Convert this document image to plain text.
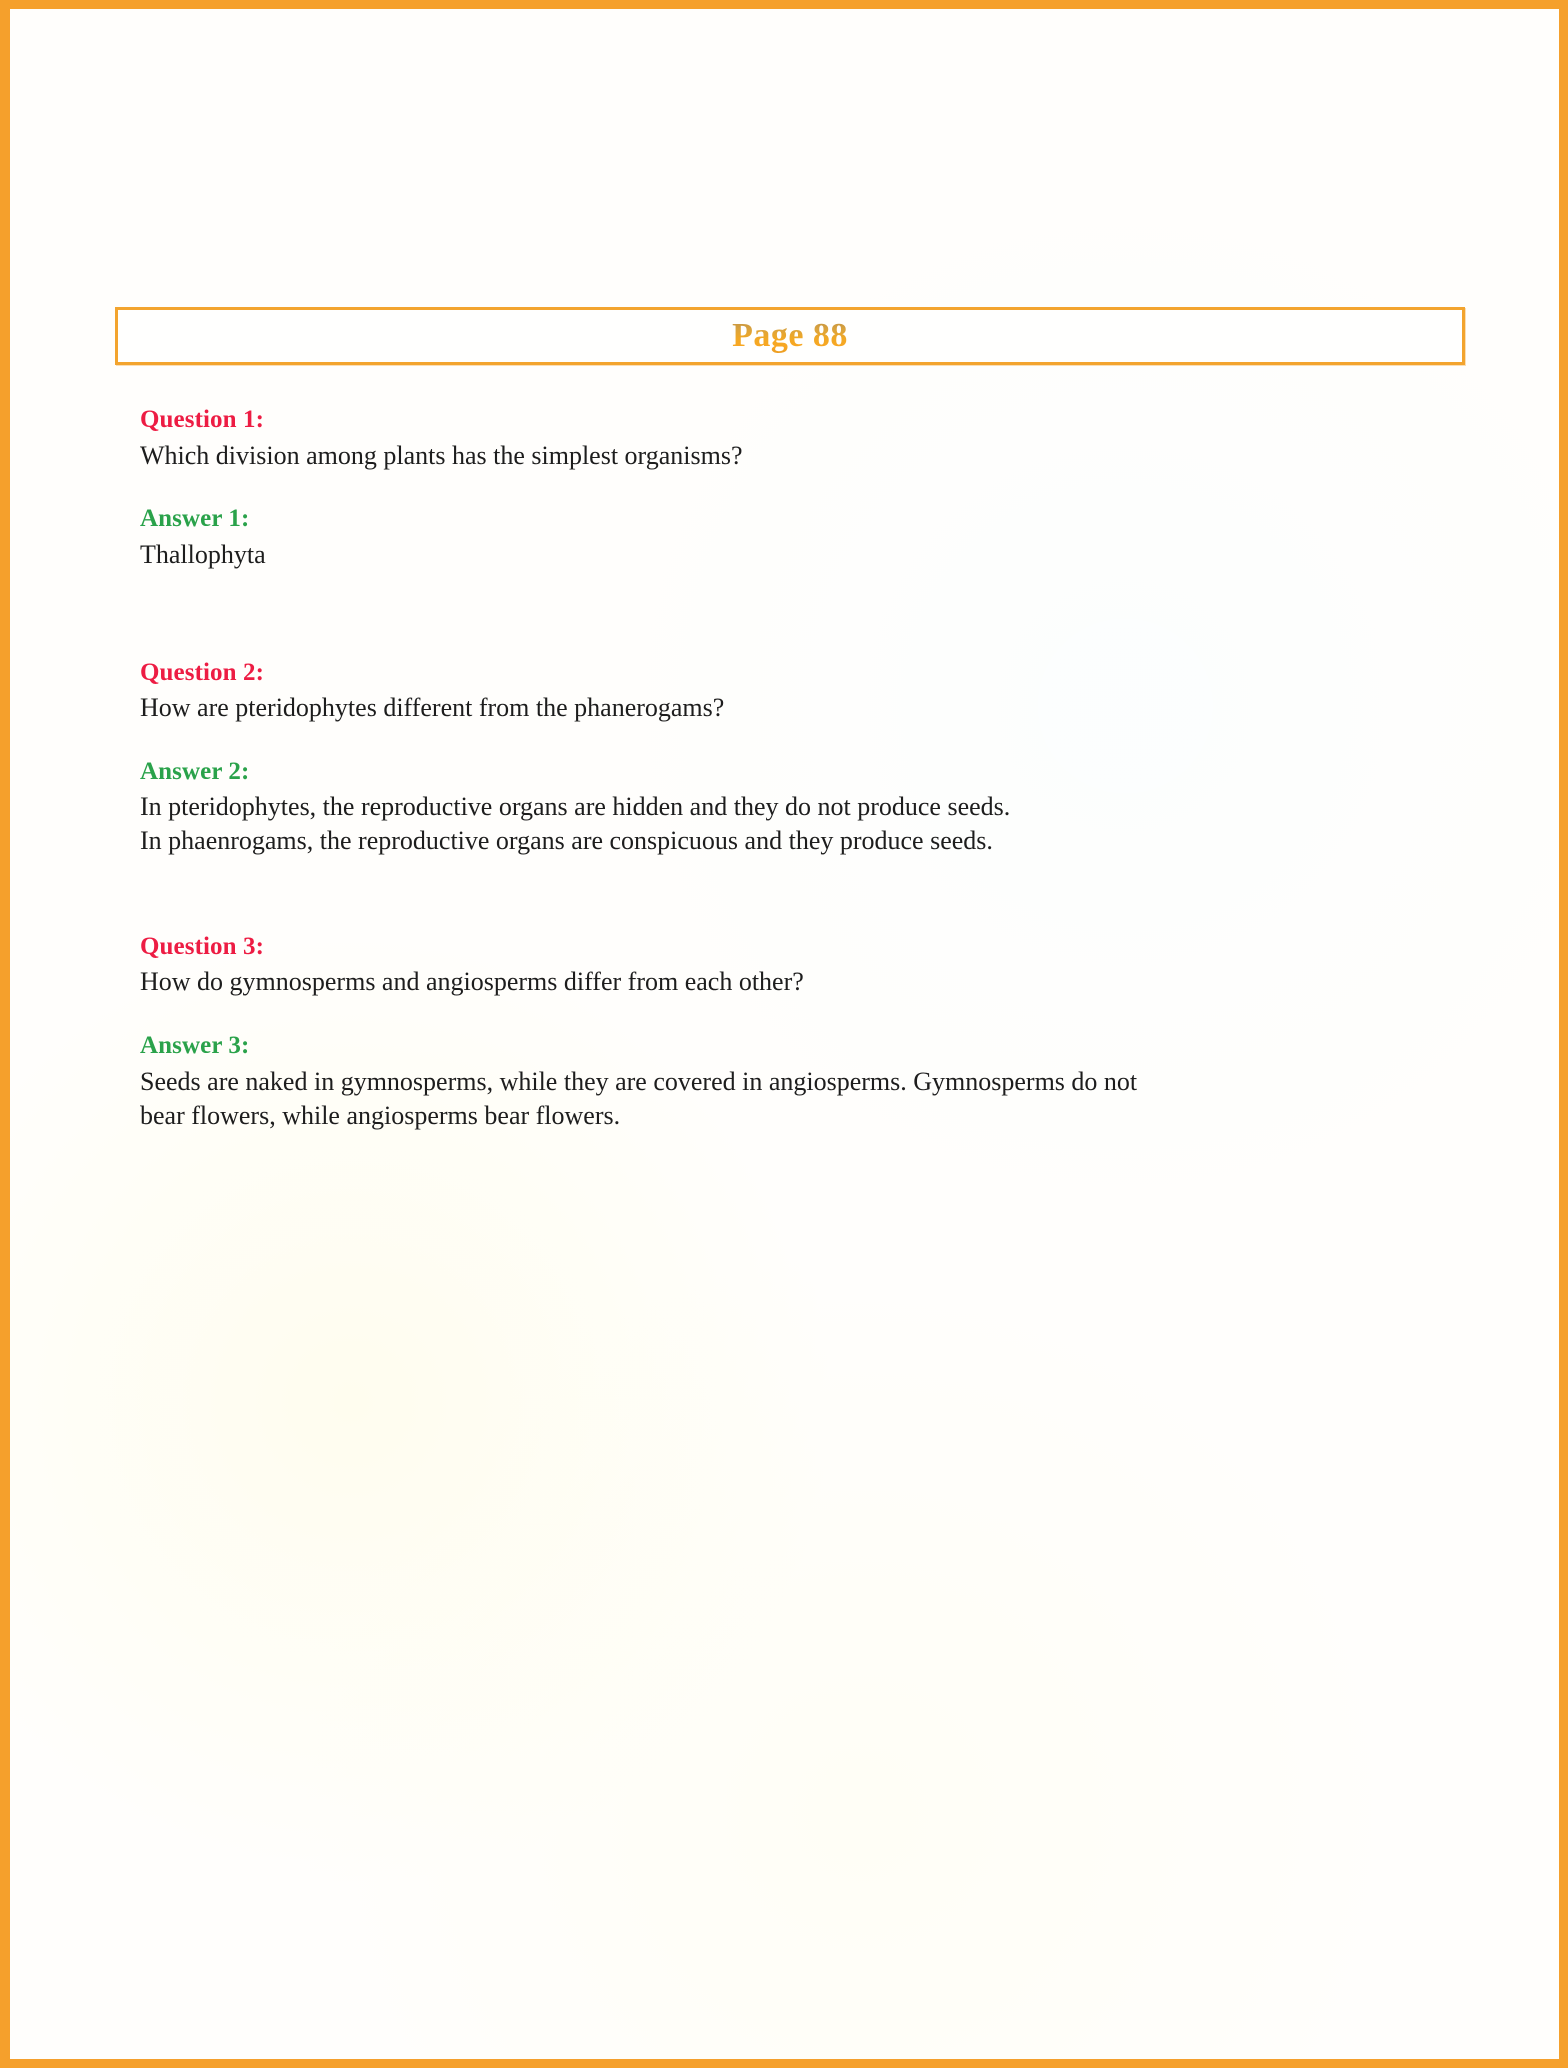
Page 88

Question 1:

Which division among plants has the simplest organisms?

Answer 1:

Thallophyta

Question 2:

How are pteridophytes different from the phanerogams?

Answer 2:

In pteridophytes, the reproductive organs are hidden and they do not produce seeds.
In phaenrogams, the reproductive organs are conspicuous and they produce seeds.

Question 3:

How do gymnosperms and angiosperms differ from each other?

Answer 3:

Seeds are naked in gymnosperms, while they are covered in angiosperms. Gymnosperms do not
bear flowers, while angiosperms bear flowers.
